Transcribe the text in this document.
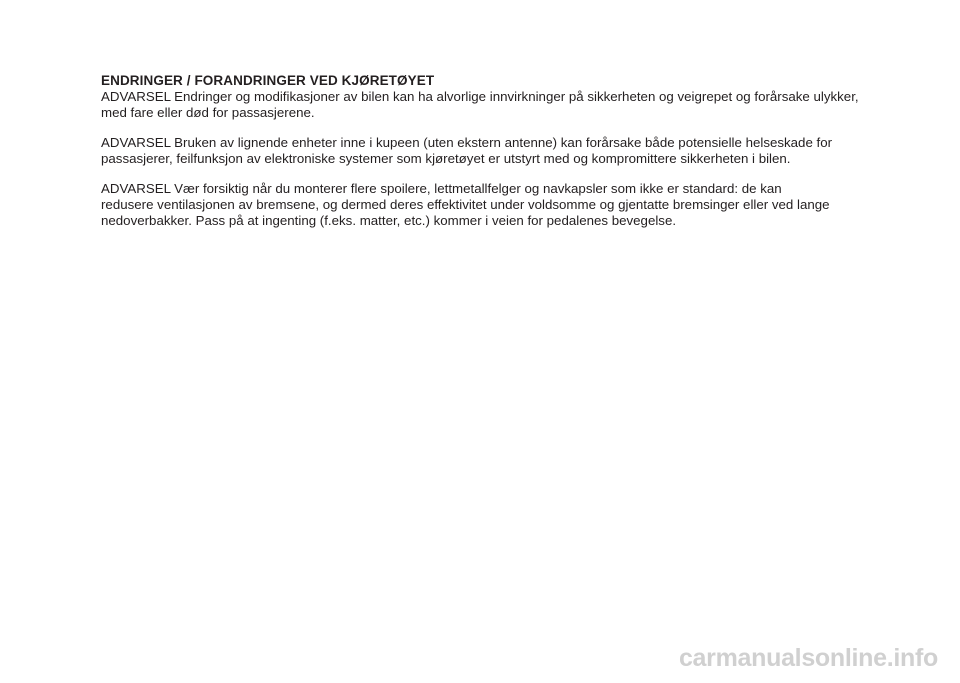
ENDRINGER / FORANDRINGER VED KJØRETØYET

ADVARSEL Endringer og modifikasjoner av bilen kan ha alvorlige innvirkninger på sikkerheten og veigrepet og forårsake ulykker,
med fare eller død for passasjerene.

ADVARSEL Bruken av lignende enheter inne i kupeen (uten ekstern antenne) kan forårsake både potensielle helseskade for
passasjerer, feilfunksjon av elektroniske systemer som kjøretøyet er utstyrt med og kompromittere sikkerheten i bilen.

ADVARSEL Vær forsiktig når du monterer flere spoilere, lettmetallfelger og navkapsler som ikke er standard: de kan
redusere ventilasjonen av bremsene, og dermed deres effektivitet under voldsomme og gjentatte bremsinger eller ved lange
nedoverbakker. Pass på at ingenting (f.eks. matter, etc.) kommer i veien for pedalenes bevegelse.

carmanualsonline.info
